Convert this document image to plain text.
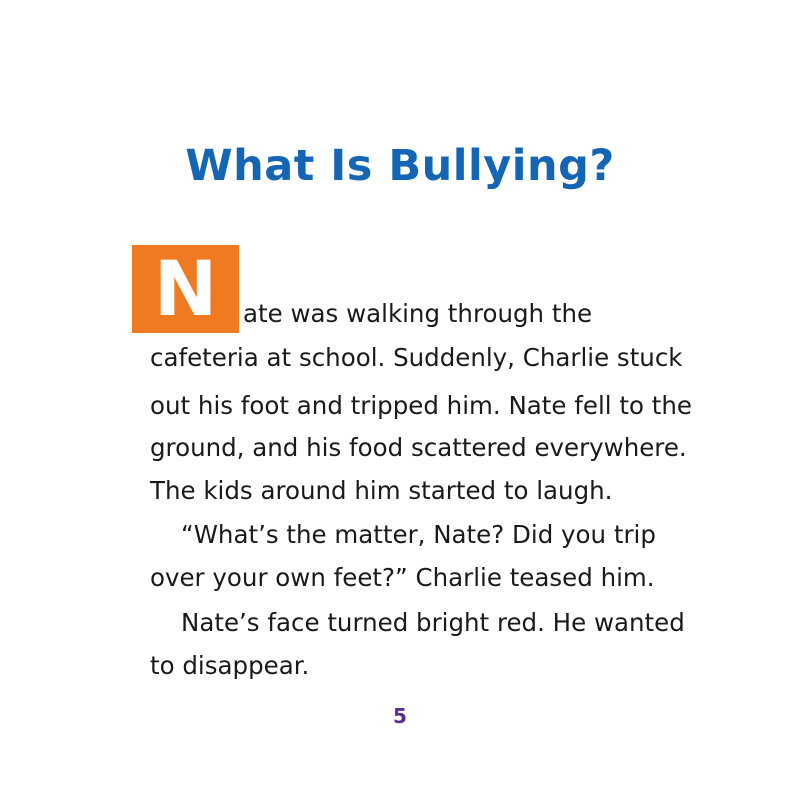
What Is Bullying?
N	ate was walking through the

cafeteria at school. Suddenly, Charlie stuck

out his foot and tripped him. Nate fell to the

ground, and his food scattered everywhere.

The kids around him started to laugh.

“What’s the matter, Nate? Did you trip

over your own feet?” Charlie teased him.

Nate’s face turned bright red. He wanted

to disappear.

5
